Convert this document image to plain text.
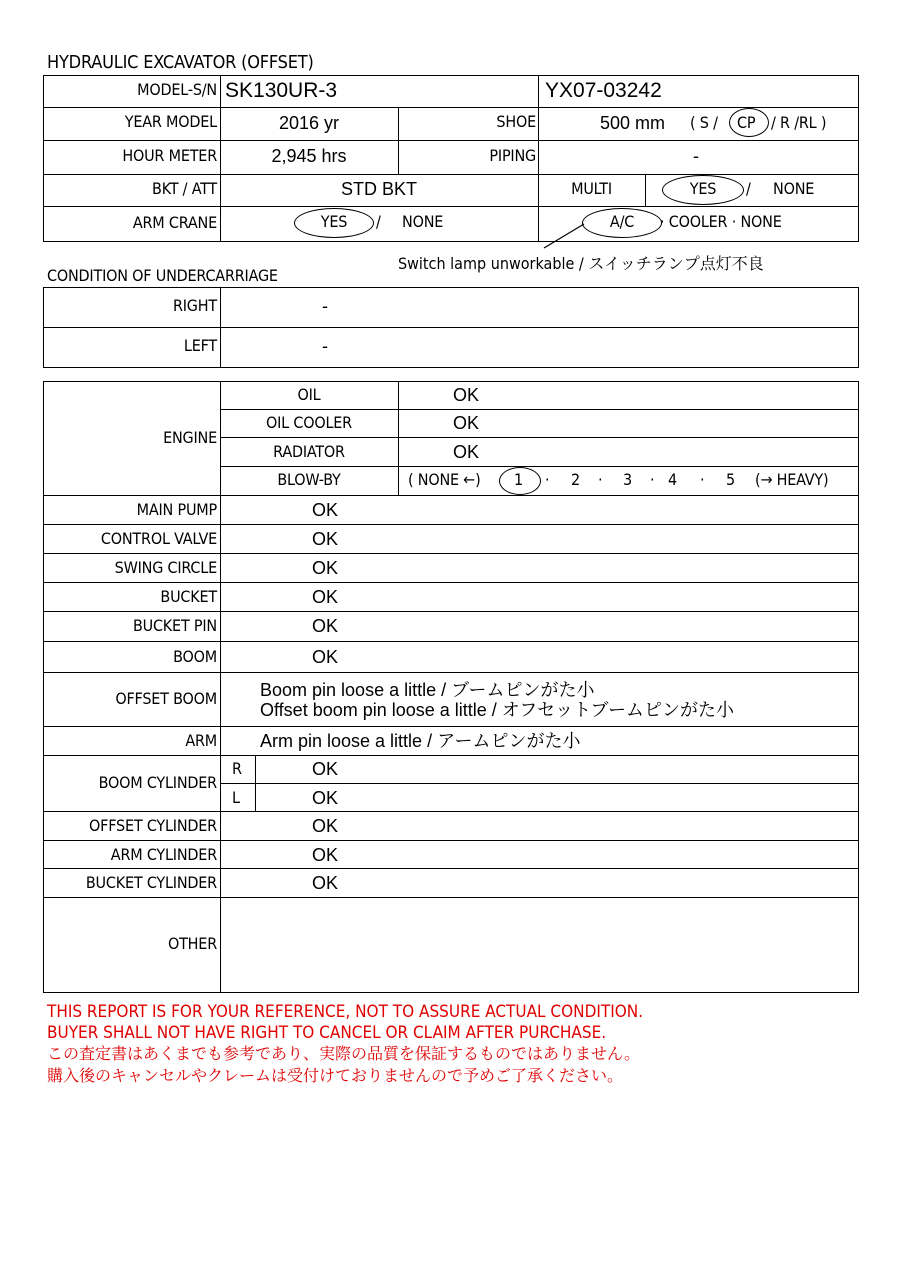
HYDRAULIC EXCAVATOR (OFFSET)
MODEL-S/N SK130UR-3	YX07-03242
YEAR MODEL	2016 yr	SHOE	500 mm ( S / CP / R /RL )
HOUR METER	2,945 hrs	PIPING	-
BKT / ATT	STD BKT	MULTI	YES	/ NONE
ARM CRANE	YES	/ NONE	A/C	· COOLER · NONE
Switch lamp unworkable / スイッチランプ点灯不良
CONDITION OF UNDERCARRIAGE
RIGHT	-
LEFT	-
ENGINE
OIL	OK
OIL COOLER	OK
RADIATOR	OK
BLOW-BY	( NONE ←) 1 · 2 · 3 · 4 · 5 (→ HEAVY)
MAIN PUMP	OK
CONTROL VALVE	OK
SWING CIRCLE	OK
BUCKET	OK
BUCKET PIN	OK
BOOM	OK
OFFSET BOOM Boom pin loose a little / ブームピンがた小
Offset boom pin loose a little / オフセットブームピンがた小
ARM Arm pin loose a little / アームピンがた小
BOOM CYLINDER
R	OK
L	OK
OFFSET CYLINDER	OK
ARM CYLINDER	OK
BUCKET CYLINDER	OK
OTHER
THIS REPORT IS FOR YOUR REFERENCE, NOT TO ASSURE ACTUAL CONDITION.
BUYER SHALL NOT HAVE RIGHT TO CANCEL OR CLAIM AFTER PURCHASE.
この査定書はあくまでも参考であり、実際の品質を保証するものではありません。
購入後のキャンセルやクレームは受付けておりませんので予めご了承ください。
